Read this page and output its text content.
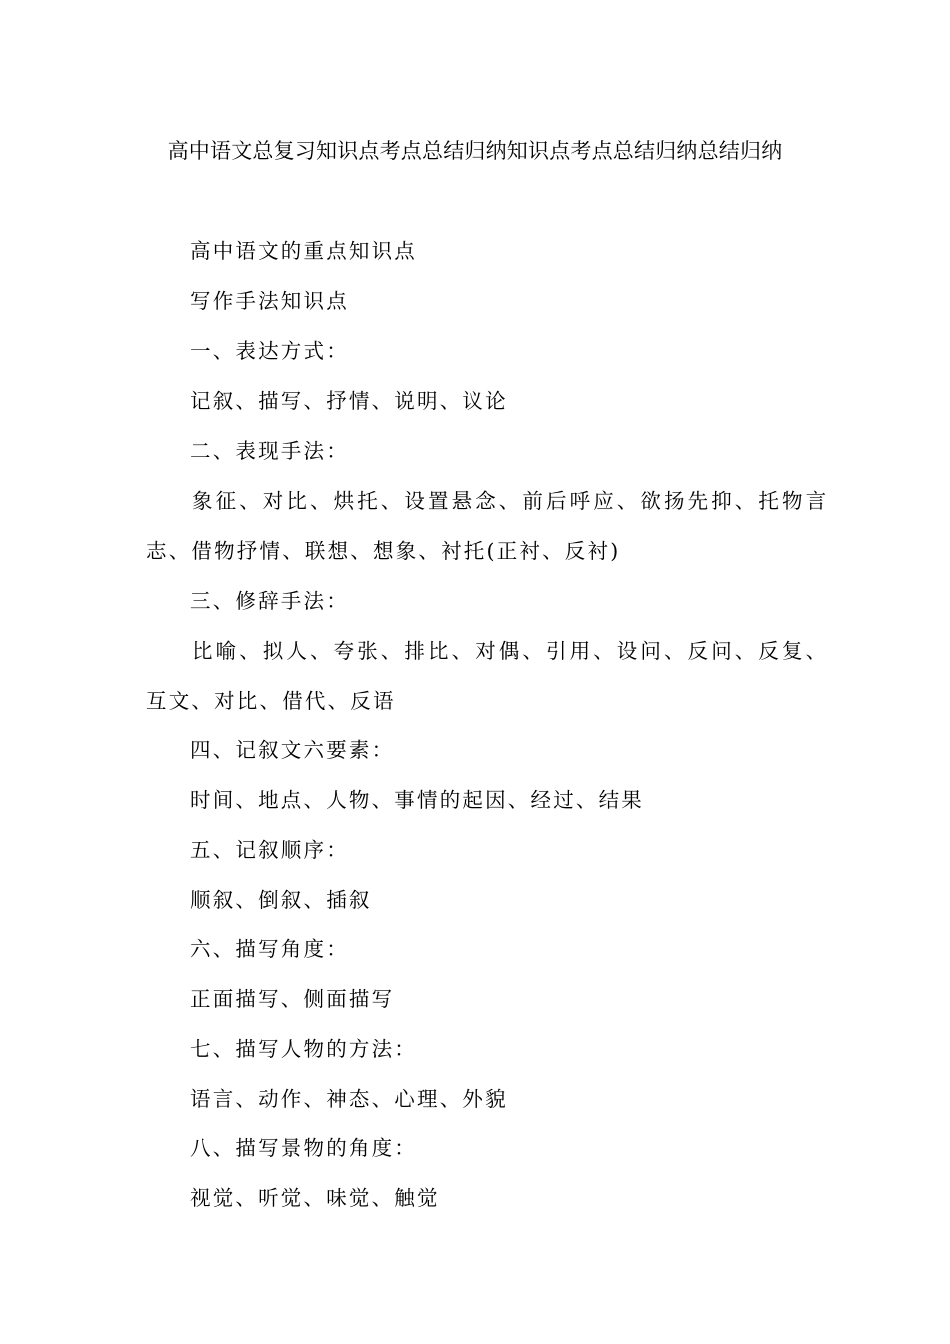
高中语文总复习知识点考点总结归纳知识点考点总结归纳总结归纳
高中语文的重点知识点
写作手法知识点
一、表达方式：
记叙、描写、抒情、说明、议论
二、表现手法：
象征、对比、烘托、设置悬念、前后呼应、欲扬先抑、托物言
志、借物抒情、联想、想象、衬托(正衬、反衬)
三、修辞手法：
比喻、拟人、夸张、排比、对偶、引用、设问、反问、反复、
互文、对比、借代、反语
四、记叙文六要素：
时间、地点、人物、事情的起因、经过、结果
五、记叙顺序：
顺叙、倒叙、插叙
六、描写角度：
正面描写、侧面描写
七、描写人物的方法：
语言、动作、神态、心理、外貌
八、描写景物的角度：
视觉、听觉、味觉、触觉
